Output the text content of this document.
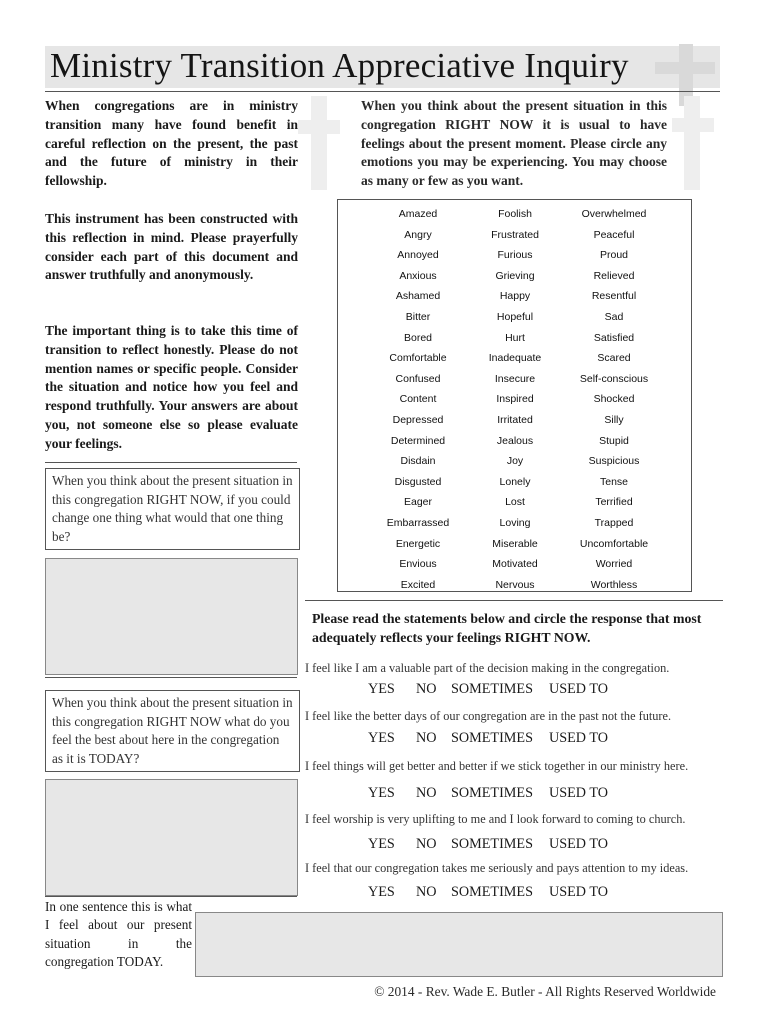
Ministry Transition Appreciative Inquiry

When congregations are in ministry transition many have found benefit in careful reflection on the present, the past and the future of ministry in their fellowship.

This instrument has been constructed with this reflection in mind. Please prayerfully consider each part of this document and answer truthfully and anonymously.

The important thing is to take this time of transition to reflect honestly. Please do not mention names or specific people. Consider the situation and notice how you feel and respond truthfully. Your answers are about you, not someone else so please evaluate your feelings.

When you think about the present situation in this congregation RIGHT NOW it is usual to have feelings about the present moment. Please circle any emotions you may be experiencing. You may choose as many or few as you want.

Amazed
Angry
Annoyed
Anxious
Ashamed
Bitter
Bored
Comfortable
Confused
Content
Depressed
Determined
Disdain
Disgusted
Eager
Embarrassed
Energetic
Envious
Excited
Foolish
Frustrated
Furious
Grieving
Happy
Hopeful
Hurt
Inadequate
Insecure
Inspired
Irritated
Jealous
Joy
Lonely
Lost
Loving
Miserable
Motivated
Nervous
Overwhelmed
Peaceful
Proud
Relieved
Resentful
Sad
Satisfied
Scared
Self-conscious
Shocked
Silly
Stupid
Suspicious
Tense
Terrified
Trapped
Uncomfortable
Worried
Worthless
When you think about the present situation in this congregation RIGHT NOW, if you could change one thing what would that one thing be?
When you think about the present situation in this congregation RIGHT NOW what do you feel the best about here in the congregation as it is TODAY?

Please read the statements below and circle the response that most adequately reflects your feelings RIGHT NOW.

I feel like I am a valuable part of the decision making in the congregation.
YES NO SOMETIMES USED TO
I feel like the better days of our congregation are in the past not the future.
YES NO SOMETIMES USED TO
I feel things will get better and better if we stick together in our ministry here.
YES NO SOMETIMES USED TO
I feel worship is very uplifting to me and I look forward to coming to church.
YES NO SOMETIMES USED TO
I feel that our congregation takes me seriously and pays attention to my ideas.
YES NO SOMETIMES USED TO

In one sentence this is what I feel about our present situation in the congregation TODAY.

© 2014 - Rev. Wade E. Butler - All Rights Reserved Worldwide
